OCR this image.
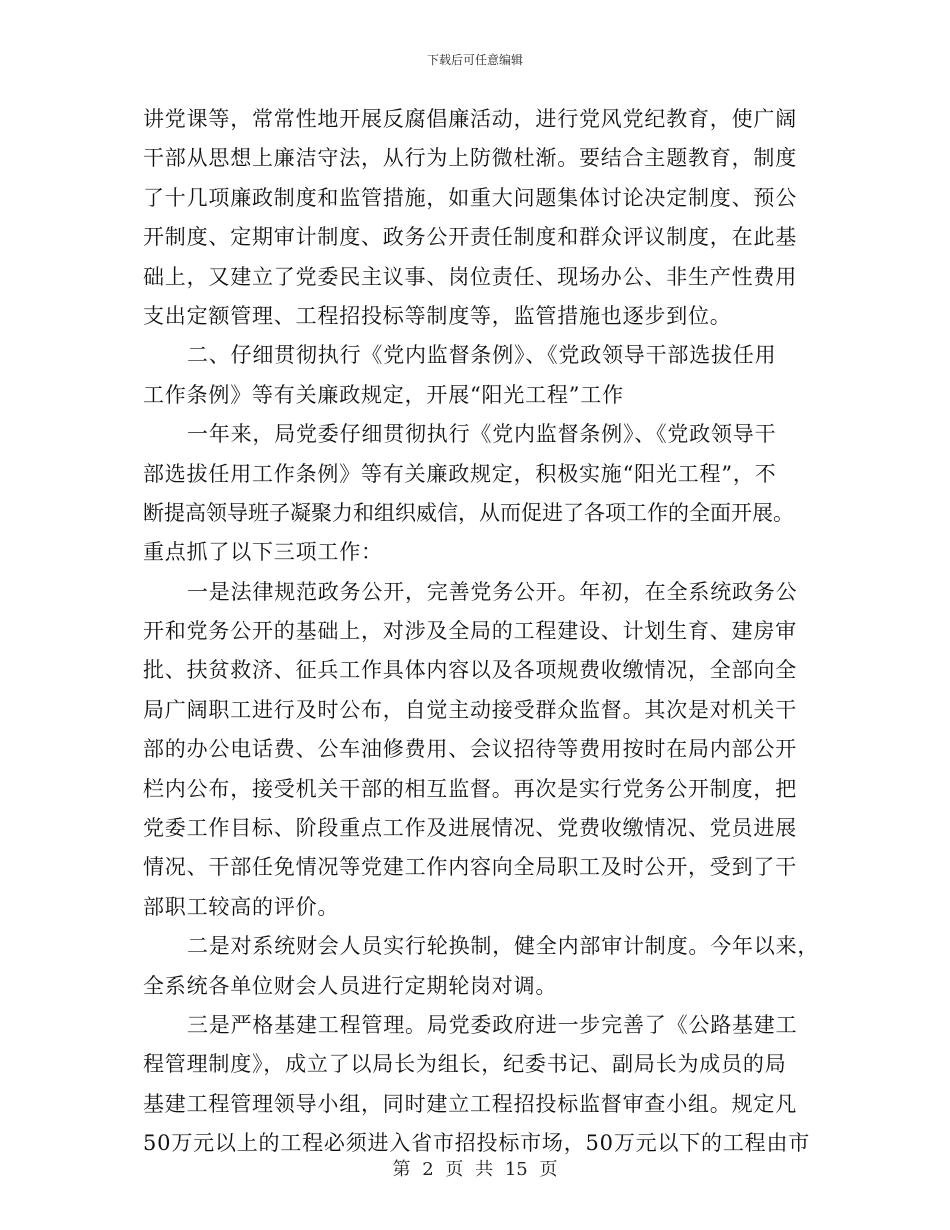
下载后可任意编辑
讲党课等，常常性地开展反腐倡廉活动，进行党风党纪教育，使广阔
干部从思想上廉洁守法，从行为上防微杜渐。要结合主题教育，制度
了十几项廉政制度和监管措施，如重大问题集体讨论决定制度、预公
开制度、定期审计制度、政务公开责任制度和群众评议制度，在此基
础上，又建立了党委民主议事、岗位责任、现场办公、非生产性费用
支出定额管理、工程招投标等制度等，监管措施也逐步到位。
二、仔细贯彻执行《党内监督条例》、《党政领导干部选拔任用
工作条例》等有关廉政规定，开展“阳光工程”工作
一年来，局党委仔细贯彻执行《党内监督条例》、《党政领导干
部选拔任用工作条例》等有关廉政规定，积极实施“阳光工程”，不
断提高领导班子凝聚力和组织威信，从而促进了各项工作的全面开展。
重点抓了以下三项工作：
一是法律规范政务公开，完善党务公开。年初，在全系统政务公
开和党务公开的基础上，对涉及全局的工程建设、计划生育、建房审
批、扶贫救济、征兵工作具体内容以及各项规费收缴情况，全部向全
局广阔职工进行及时公布，自觉主动接受群众监督。其次是对机关干
部的办公电话费、公车油修费用、会议招待等费用按时在局内部公开
栏内公布，接受机关干部的相互监督。再次是实行党务公开制度，把
党委工作目标、阶段重点工作及进展情况、党费收缴情况、党员进展
情况、干部任免情况等党建工作内容向全局职工及时公开，受到了干
部职工较高的评价。
二是对系统财会人员实行轮换制，健全内部审计制度。今年以来，
全系统各单位财会人员进行定期轮岗对调。
三是严格基建工程管理。局党委政府进一步完善了《公路基建工
程管理制度》，成立了以局长为组长，纪委书记、副局长为成员的局
基建工程管理领导小组，同时建立工程招投标监督审查小组。规定凡
50万元以上的工程必须进入省市招投标市场，50万元以下的工程由市
第 2 页 共 15 页
